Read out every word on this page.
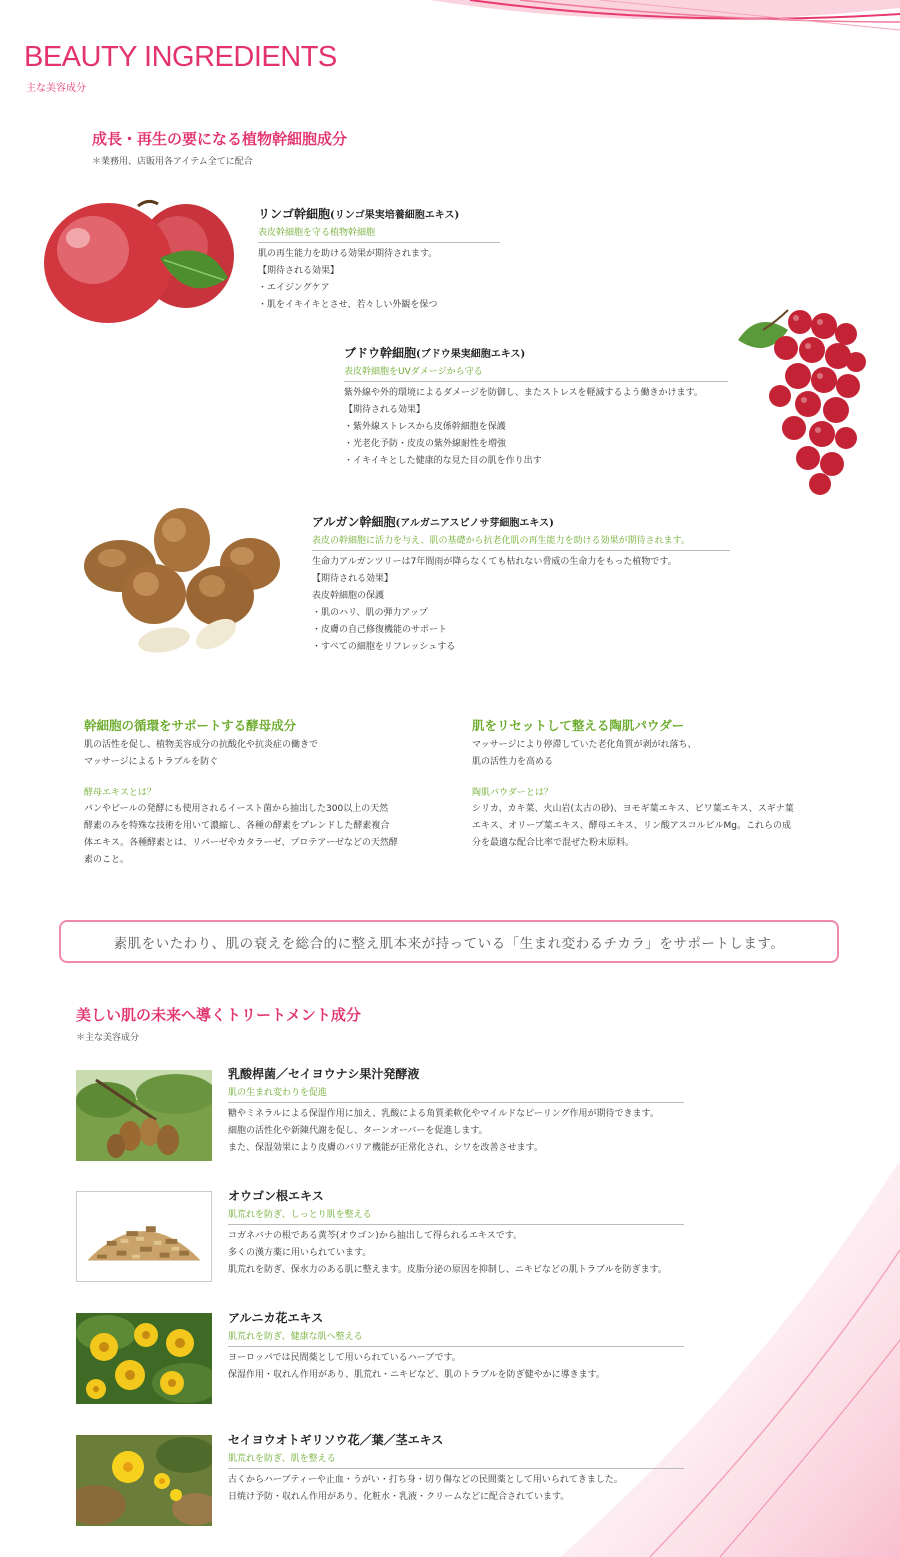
BEAUTY INGREDIENTS
主な美容成分
成長・再生の要になる植物幹細胞成分
＊業務用、店販用各アイテム全てに配合
リンゴ幹細胞(リンゴ果実培養細胞エキス)
表皮幹細胞を守る植物幹細胞
肌の再生能力を助ける効果が期待されます。
【期待される効果】
・エイジングケア
・肌をイキイキとさせ、若々しい外観を保つ
ブドウ幹細胞(ブドウ果実細胞エキス)
表皮幹細胞をUVダメージから守る
紫外線や外的環境によるダメージを防御し、またストレスを軽減するよう働きかけます。
【期待される効果】
・紫外線ストレスから皮係幹細胞を保護
・光老化予防・皮皮の紫外線耐性を増強
・イキイキとした健康的な見た目の肌を作り出す
アルガン幹細胞(アルガニアスピノサ芽細胞エキス)
表皮の幹細胞に活力を与え、肌の基礎から抗老化肌の再生能力を助ける効果が期待されます。
生命力アルガンツリーは7年間雨が降らなくても枯れない脅威の生命力をもった植物です。
【期待される効果】
表皮幹細胞の保護
・肌のハリ、肌の弾力アップ
・皮膚の自己修復機能のサポート
・すべての細胞をリフレッシュする
幹細胞の循環をサポートする酵母成分
肌の活性を促し、植物美容成分の抗酸化や抗炎症の働きで
マッサージによるトラブルを防ぐ
酵母エキスとは？
パンやビールの発酵にも使用されるイースト菌から抽出した300以上の天然
酵素のみを特殊な技術を用いて濃縮し、各種の酵素をブレンドした酵素複合
体エキス。各種酵素とは、リパーゼやカタラーゼ、プロテアーゼなどの天然酵
素のこと。
肌をリセットして整える陶肌パウダー
マッサージにより停滞していた老化角質が剥がれ落ち、
肌の活性力を高める
陶肌パウダーとは？
シリカ、カキ菜、火山岩(太古の砂)、ヨモギ葉エキス、ビワ葉エキス、スギナ葉
エキス、オリーブ葉エキス、酵母エキス、リン酸アスコルビルMg。これらの成
分を最適な配合比率で混ぜた粉末原料。
素肌をいたわり、肌の衰えを総合的に整え肌本来が持っている「生まれ変わるチカラ」をサポートします。
美しい肌の未来へ導くトリートメント成分
＊主な美容成分
乳酸桿菌／セイヨウナシ果汁発酵液
肌の生まれ変わりを促進
糖やミネラルによる保湿作用に加え、乳酸による角質柔軟化やマイルドなピーリング作用が期待できます。
細胞の活性化や新陳代謝を促し、ターンオーバーを促進します。
また、保湿効果により皮膚のバリア機能が正常化され、シワを改善させます。
オウゴン根エキス
肌荒れを防ぎ、しっとり肌を整える
コガネバナの根である黄芩(オウゴン)から抽出して得られるエキスです。
多くの漢方薬に用いられています。
肌荒れを防ぎ、保水力のある肌に整えます。皮脂分泌の原因を抑制し、ニキビなどの肌トラブルを防ぎます。
アルニカ花エキス
肌荒れを防ぎ、健康な肌へ整える
ヨーロッパでは民間薬として用いられているハーブです。
保湿作用・収れん作用があり、肌荒れ・ニキビなど、肌のトラブルを防ぎ健やかに導きます。
セイヨウオトギリソウ花／葉／茎エキス
肌荒れを防ぎ、肌を整える
古くからハーブティーや止血・うがい・打ち身・切り傷などの民間薬として用いられてきました。
日焼け予防・収れん作用があり、化粧水・乳液・クリームなどに配合されています。
